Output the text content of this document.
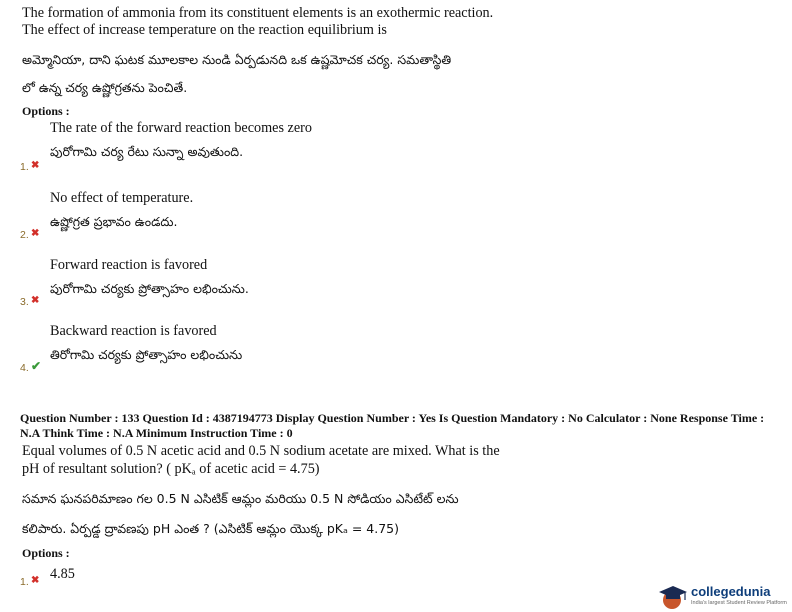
The formation of ammonia from its constituent elements is an exothermic reaction.
The effect of increase temperature on the reaction equilibrium is
అమ్మోనియా, దాని ఘటక మూలకాల నుండి ఏర్పడునది ఒక ఉష్ణమోచక చర్య. సమతాస్థితి
లో ఉన్న చర్య ఉష్ణోగ్రతను పెంచితే.
Options :
The rate of the forward reaction becomes zero
పురోగామి చర్య రేటు సున్నా అవుతుంది.
1. ✖
No effect of temperature.
ఉష్ణోగ్రత ప్రభావం ఉండదు.
2. ✖
Forward reaction is favored
పురోగామి చర్యకు ప్రోత్సాహం లభించును.
3. ✖
Backward reaction is favored
తిరోగామి చర్యకు ప్రోత్సాహం లభించును
4. ✔
Question Number : 133 Question Id : 4387194773 Display Question Number : Yes Is Question Mandatory : No Calculator : None Response Time :
N.A Think Time : N.A Minimum Instruction Time : 0
Equal volumes of 0.5 N acetic acid and 0.5 N sodium acetate are mixed. What is the
pH of resultant solution? ( pKₐ of acetic acid = 4.75)
సమాన ఘనపరిమాణం గల 0.5 N ఎసిటిక్ ఆమ్లం మరియు 0.5 N సోడియం ఎసిటేట్ లను
కలిపారు. ఏర్పడ్డ ద్రావణపు pH ఎంత ? (ఎసిటిక్ ఆమ్లం యొక్క pKₐ = 4.75)
Options :
4.85
1. ✖
collegedunia
India's largest Student Review Platform
